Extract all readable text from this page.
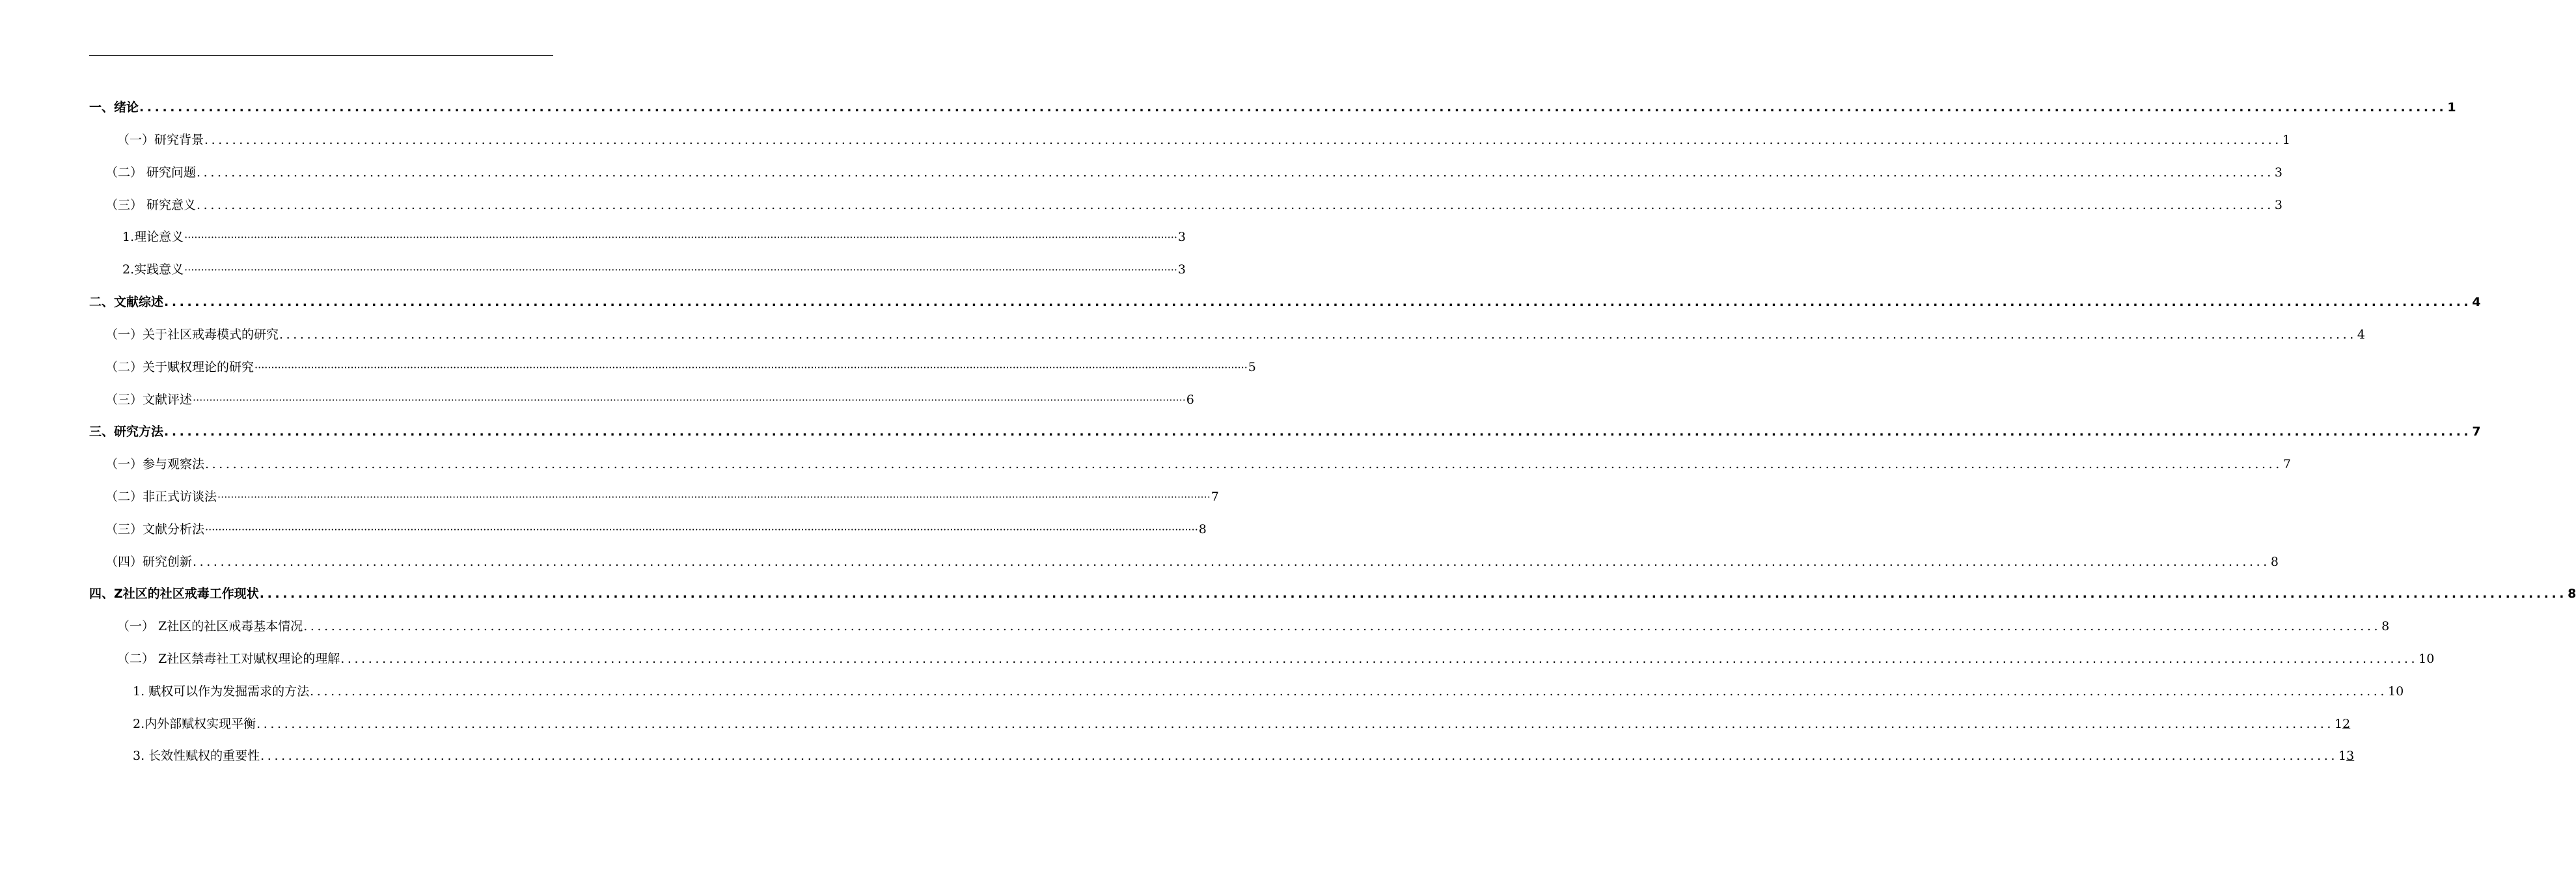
一、绪论 ............................................................................................................................................................................................................................................................................................................ 1
（一）研究背景 ............................................................................................................................................................................................................................................................................................................ 1
（二） 研究问题 ............................................................................................................................................................................................................................................................................................................ 3
（三） 研究意义 ............................................................................................................................................................................................................................................................................................................ 3
1.理论意义 ············································································································································································································································································································ 3
2.实践意义 ············································································································································································································································································································ 3
二、文献综述 ............................................................................................................................................................................................................................................................................................................ 4
（一）关于社区戒毒模式的研究 ............................................................................................................................................................................................................................................................................................................ 4
（二）关于赋权理论的研究 ············································································································································································································································································································ 5
（三）文献评述 ············································································································································································································································································································ 6
三、研究方法 ............................................................................................................................................................................................................................................................................................................ 7
（一）参与观察法 ............................................................................................................................................................................................................................................................................................................ 7
（二）非正式访谈法 ············································································································································································································································································································ 7
（三）文献分析法 ············································································································································································································································································································ 8
（四）研究创新 ............................................................................................................................................................................................................................................................................................................ 8
四、Z社区的社区戒毒工作现状 ............................................................................................................................................................................................................................................................................................................ 8
（一） Z社区的社区戒毒基本情况 ............................................................................................................................................................................................................................................................................................................ 8
（二） Z社区禁毒社工对赋权理论的理解 ............................................................................................................................................................................................................................................................................................................ 10
1. 赋权可以作为发掘需求的方法 ............................................................................................................................................................................................................................................................................................................ 10
2.内外部赋权实现平衡 ............................................................................................................................................................................................................................................................................................................ 12
3. 长效性赋权的重要性 ............................................................................................................................................................................................................................................................................................................ 13
